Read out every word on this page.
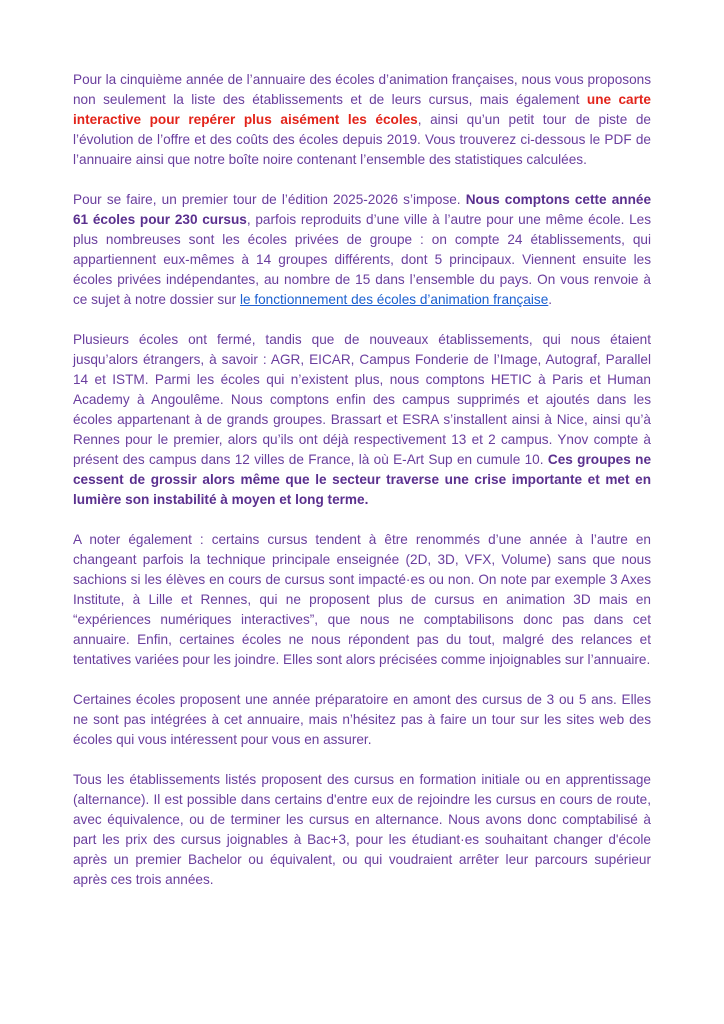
Pour la cinquième année de l’annuaire des écoles d’animation françaises, nous vous proposons non seulement la liste des établissements et de leurs cursus, mais également une carte interactive pour repérer plus aisément les écoles, ainsi qu’un petit tour de piste de l’évolution de l’offre et des coûts des écoles depuis 2019. Vous trouverez ci-dessous le PDF de l’annuaire ainsi que notre boîte noire contenant l’ensemble des statistiques calculées.

Pour se faire, un premier tour de l’édition 2025-2026 s’impose. Nous comptons cette année 61 écoles pour 230 cursus, parfois reproduits d’une ville à l’autre pour une même école. Les plus nombreuses sont les écoles privées de groupe : on compte 24 établissements, qui appartiennent eux-mêmes à 14 groupes différents, dont 5 principaux. Viennent ensuite les écoles privées indépendantes, au nombre de 15 dans l’ensemble du pays. On vous renvoie à ce sujet à notre dossier sur le fonctionnement des écoles d’animation française.

Plusieurs écoles ont fermé, tandis que de nouveaux établissements, qui nous étaient jusqu’alors étrangers, à savoir : AGR, EICAR, Campus Fonderie de l’Image, Autograf, Parallel 14 et ISTM. Parmi les écoles qui n’existent plus, nous comptons HETIC à Paris et Human Academy à Angoulême. Nous comptons enfin des campus supprimés et ajoutés dans les écoles appartenant à de grands groupes. Brassart et ESRA s’installent ainsi à Nice, ainsi qu’à Rennes pour le premier, alors qu’ils ont déjà respectivement 13 et 2 campus. Ynov compte à présent des campus dans 12 villes de France, là où E-Art Sup en cumule 10. Ces groupes ne cessent de grossir alors même que le secteur traverse une crise importante et met en lumière son instabilité à moyen et long terme.

A noter également : certains cursus tendent à être renommés d’une année à l’autre en changeant parfois la technique principale enseignée (2D, 3D, VFX, Volume) sans que nous sachions si les élèves en cours de cursus sont impacté·es ou non. On note par exemple 3 Axes Institute, à Lille et Rennes, qui ne proposent plus de cursus en animation 3D mais en “expériences numériques interactives”, que nous ne comptabilisons donc pas dans cet annuaire. Enfin, certaines écoles ne nous répondent pas du tout, malgré des relances et tentatives variées pour les joindre. Elles sont alors précisées comme injoignables sur l’annuaire.

Certaines écoles proposent une année préparatoire en amont des cursus de 3 ou 5 ans. Elles ne sont pas intégrées à cet annuaire, mais n’hésitez pas à faire un tour sur les sites web des écoles qui vous intéressent pour vous en assurer.

Tous les établissements listés proposent des cursus en formation initiale ou en apprentissage (alternance). Il est possible dans certains d'entre eux de rejoindre les cursus en cours de route, avec équivalence, ou de terminer les cursus en alternance. Nous avons donc comptabilisé à part les prix des cursus joignables à Bac+3, pour les étudiant·es souhaitant changer d'école après un premier Bachelor ou équivalent, ou qui voudraient arrêter leur parcours supérieur après ces trois années.
